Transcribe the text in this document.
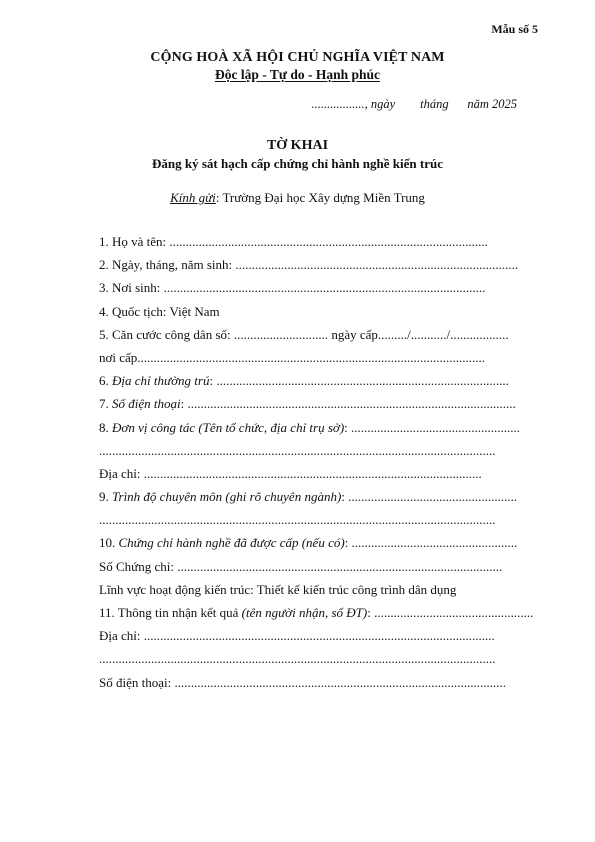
Mẫu số 5
CỘNG HOÀ XÃ HỘI CHỦ NGHĨA VIỆT NAM
Độc lập - Tự do - Hạnh phúc
................., ngày        tháng      năm 2025
TỜ KHAI
Đăng ký sát hạch cấp chứng chỉ hành nghề kiến trúc
Kính gửi: Trường Đại học Xây dựng Miền Trung
1. Họ và tên: ..................................................................................................
2. Ngày, tháng, năm sinh: .......................................................................................
3. Nơi sinh: ...................................................................................................
4. Quốc tịch: Việt Nam
5. Căn cước công dân số: ............................. ngày cấp........./.........../..................
nơi cấp...........................................................................................................
6. Địa chỉ thường trú: ..........................................................................................
7. Số điện thoại: .....................................................................................................
8. Đơn vị công tác (Tên tổ chức, địa chỉ trụ sở): ....................................................
..........................................................................................................................
Địa chỉ: ........................................................................................................
9. Trình độ chuyên môn (ghi rõ chuyên ngành): ....................................................
..........................................................................................................................
10. Chứng chỉ hành nghề đã được cấp (nếu có): ...................................................
Số Chứng chỉ: ....................................................................................................
Lĩnh vực hoạt động kiến trúc: Thiết kế kiến trúc công trình dân dụng
11. Thông tin nhận kết quả (tên người nhận, số ĐT): .................................................
Địa chỉ: ............................................................................................................
..........................................................................................................................
Số điện thoại: ......................................................................................................
